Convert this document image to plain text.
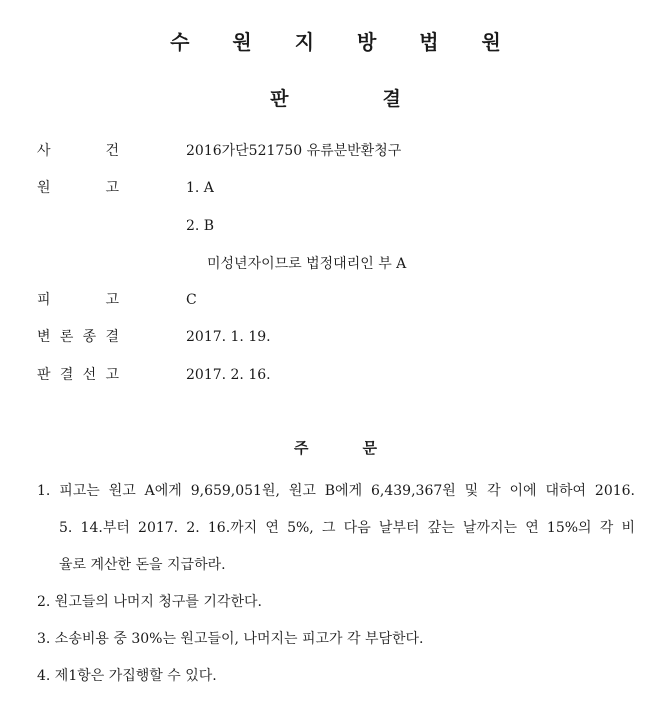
수 원 지 방 법 원
판	결
사	건	2016가단521750 유류분반환청구
원	고	1. A
2. B
미성년자이므로 법정대리인 부 A
피	고	C
변 론 종 결	2017. 1. 19.
판 결 선 고	2017. 2. 16.
주	문
1. 피고는 원고 A에게 9,659,051원, 원고 B에게 6,439,367원 및 각 이에 대하여 2016.
5. 14.부터 2017. 2. 16.까지 연 5%, 그 다음 날부터 갚는 날까지는 연 15%의 각 비
율로 계산한 돈을 지급하라.
2. 원고들의 나머지 청구를 기각한다.
3. 소송비용 중 30%는 원고들이, 나머지는 피고가 각 부담한다.
4. 제1항은 가집행할 수 있다.
